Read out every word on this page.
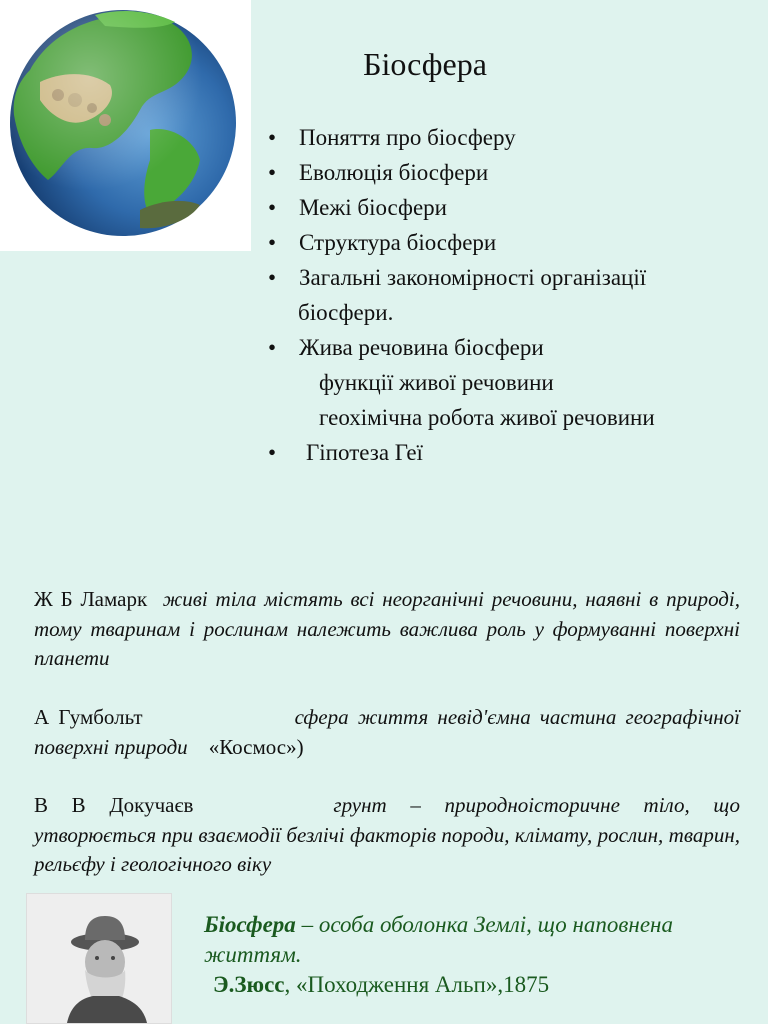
Біосфера
• Поняття про біосферу
• Еволюція біосфери
• Межі біосфери
• Структура біосфери
• Загальні закономірності організації
біосфери.
• Жива речовина біосфери
функції живої речовини
геохімічна робота живої речовини
• Гіпотеза Геї

Ж Б Ламарк живі тіла містять всі неорганічні речовини, наявні в природі, тому тваринам і рослинам належить важлива роль у формуванні поверхні планети

А Гумбольт	сфера життя невід'ємна частина географічної поверхні природи «Космос»)

В В Докучаєв	грунт – природноісторичне тіло, що утворюється при взаємодії безлічі факторів породи, клімату, рослин, тварин, рельєфу і геологічного віку

Біосфера – особа оболонка Землі, що наповнена життям.

Э.Зюсс, «Походження Альп»,1875
